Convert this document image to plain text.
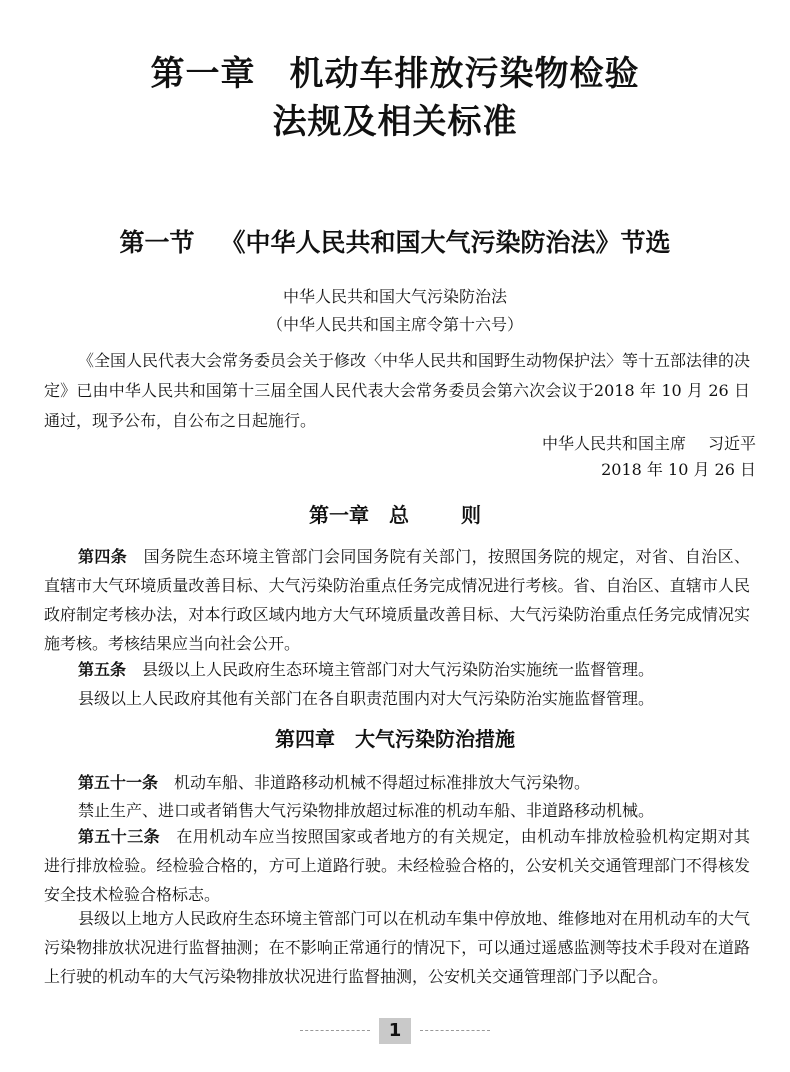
第一章 机动车排放污染物检验
法规及相关标准
第一节 《中华人民共和国大气污染防治法》节选
中华人民共和国大气污染防治法
（中华人民共和国主席令第十六号）
《全国人民代表大会常务委员会关于修改〈中华人民共和国野生动物保护法〉等十五部法律的决定》已由中华人民共和国第十三届全国人民代表大会常务委员会第六次会议于2018 年 10 月 26 日通过，现予公布，自公布之日起施行。
中华人民共和国主席 习近平
2018 年 10 月 26 日
第一章 总	则
第四条 国务院生态环境主管部门会同国务院有关部门，按照国务院的规定，对省、自治区、直辖市大气环境质量改善目标、大气污染防治重点任务完成情况进行考核。省、自治区、直辖市人民政府制定考核办法，对本行政区域内地方大气环境质量改善目标、大气污染防治重点任务完成情况实施考核。考核结果应当向社会公开。
第五条 县级以上人民政府生态环境主管部门对大气污染防治实施统一监督管理。
县级以上人民政府其他有关部门在各自职责范围内对大气污染防治实施监督管理。
第四章 大气污染防治措施
第五十一条 机动车船、非道路移动机械不得超过标准排放大气污染物。
禁止生产、进口或者销售大气污染物排放超过标准的机动车船、非道路移动机械。
第五十三条 在用机动车应当按照国家或者地方的有关规定，由机动车排放检验机构定期对其进行排放检验。经检验合格的，方可上道路行驶。未经检验合格的，公安机关交通管理部门不得核发安全技术检验合格标志。
县级以上地方人民政府生态环境主管部门可以在机动车集中停放地、维修地对在用机动车的大气污染物排放状况进行监督抽测；在不影响正常通行的情况下，可以通过遥感监测等技术手段对在道路上行驶的机动车的大气污染物排放状况进行监督抽测，公安机关交通管理部门予以配合。
1
